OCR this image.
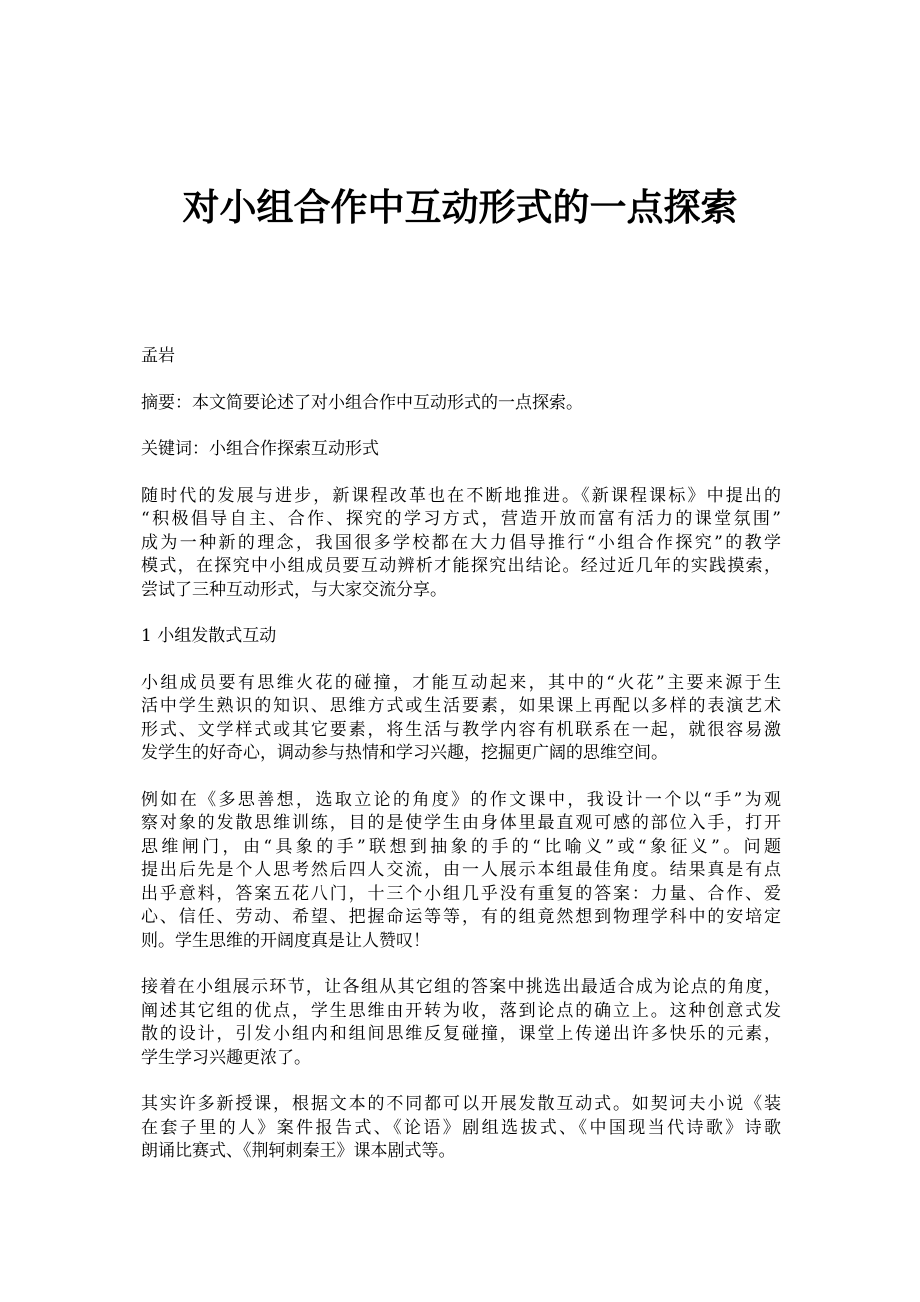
对小组合作中互动形式的一点探索

孟岩

摘要：本文简要论述了对小组合作中互动形式的一点探索。

关键词：小组合作探索互动形式

随时代的发展与进步，新课程改革也在不断地推进。《新课程课标》中提出的
“积极倡导自主、合作、探究的学习方式，营造开放而富有活力的课堂氛围”
成为一种新的理念，我国很多学校都在大力倡导推行“小组合作探究”的教学
模式，在探究中小组成员要互动辨析才能探究出结论。经过近几年的实践摸索，
尝试了三种互动形式，与大家交流分享。

1 小组发散式互动

小组成员要有思维火花的碰撞，才能互动起来，其中的“火花”主要来源于生
活中学生熟识的知识、思维方式或生活要素，如果课上再配以多样的表演艺术
形式、文学样式或其它要素，将生活与教学内容有机联系在一起，就很容易激
发学生的好奇心，调动参与热情和学习兴趣，挖掘更广阔的思维空间。

例如在《多思善想，选取立论的角度》的作文课中，我设计一个以“手”为观
察对象的发散思维训练，目的是使学生由身体里最直观可感的部位入手，打开
思维闸门，由“具象的手”联想到抽象的手的“比喻义”或“象征义”。问题
提出后先是个人思考然后四人交流，由一人展示本组最佳角度。结果真是有点
出乎意料，答案五花八门，十三个小组几乎没有重复的答案：力量、合作、爱
心、信任、劳动、希望、把握命运等等，有的组竟然想到物理学科中的安培定
则。学生思维的开阔度真是让人赞叹！

接着在小组展示环节，让各组从其它组的答案中挑选出最适合成为论点的角度，
阐述其它组的优点，学生思维由开转为收，落到论点的确立上。这种创意式发
散的设计，引发小组内和组间思维反复碰撞，课堂上传递出许多快乐的元素，
学生学习兴趣更浓了。

其实许多新授课，根据文本的不同都可以开展发散互动式。如契诃夫小说《装
在套子里的人》案件报告式、《论语》剧组选拔式、《中国现当代诗歌》诗歌
朗诵比赛式、《荆轲刺秦王》课本剧式等。
